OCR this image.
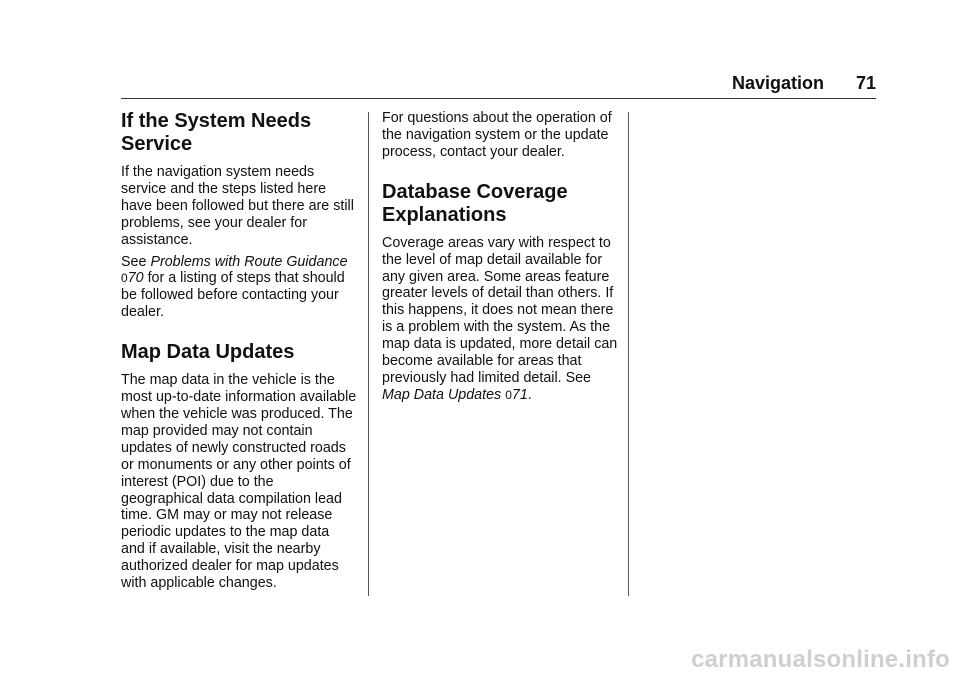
Navigation 71
If the System Needs Service

If the navigation system needs service and the steps listed here have been followed but there are still problems, see your dealer for assistance.

See Problems with Route Guidance 070 for a listing of steps that should be followed before contacting your dealer.

Map Data Updates

The map data in the vehicle is the most up-to-date information available when the vehicle was produced. The map provided may not contain updates of newly constructed roads or monuments or any other points of interest (POI) due to the geographical data compilation lead time. GM may or may not release periodic updates to the map data and if available, visit the nearby authorized dealer for map updates with applicable changes.

For questions about the operation of the navigation system or the update process, contact your dealer.

Database Coverage Explanations

Coverage areas vary with respect to the level of map detail available for any given area. Some areas feature greater levels of detail than others. If this happens, it does not mean there is a problem with the system. As the map data is updated, more detail can become available for areas that previously had limited detail. See Map Data Updates 071.

carmanualsonline.info
